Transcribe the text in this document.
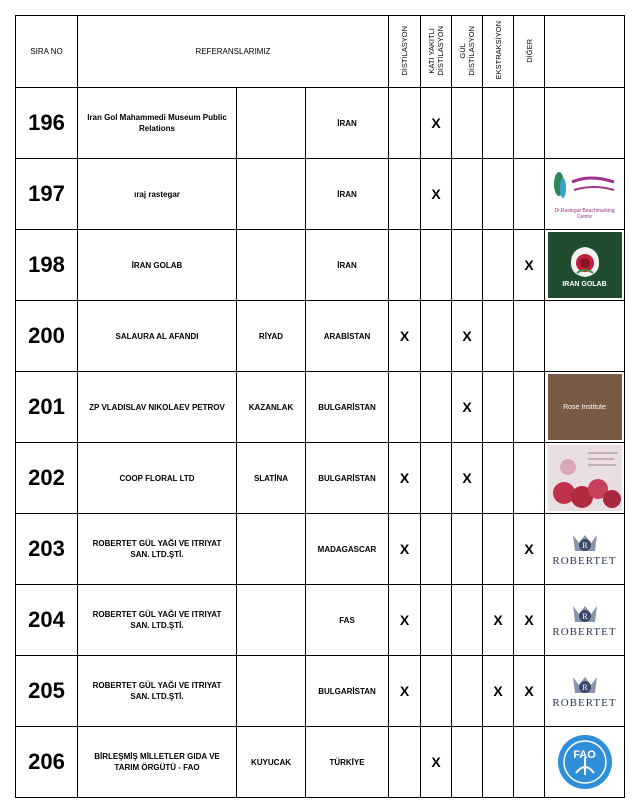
SIRA NO	REFERANSLARIMIZ			DİSTİLASYON	KATI YAKITLI
DİSTİLASYON	GÜL
DİSTİLASYON	EKSTRAKSİYON	DİĞER	
196	Iran Gol Mahammedi Museum Public Relations		İRAN		X				
197	ıraj rastegar		İRAN		X				Dr.Rastegar Beachmarking Centre

198	İRAN GOLAB		İRAN					X	IRAN GOLAB

200	SALAURA AL AFANDI	RİYAD	ARABİSTAN	X		X			
201	ZP VLADISLAV NIKOLAEV PETROV	KAZANLAK	BULGARİSTAN			X			Rose Institute

202	COOP FLORAL LTD	SLATİNA	BULGARİSTAN	X		X			

203	ROBERTET GÜL YAĞI VE ITRIYAT SAN. LTD.ŞTİ.		MADAGASCAR	X				X	R
ROBERTET

204	ROBERTET GÜL YAĞI VE ITRIYAT SAN. LTD.ŞTİ.		FAS	X			X	X	R
ROBERTET

205	ROBERTET GÜL YAĞI VE ITRIYAT SAN. LTD.ŞTİ.		BULGARİSTAN	X			X	X	R
ROBERTET

206	BİRLEŞMİŞ MİLLETLER GIDA VE TARIM ÖRGÜTÜ - FAO	KUYUCAK	TÜRKİYE		X				FAO
